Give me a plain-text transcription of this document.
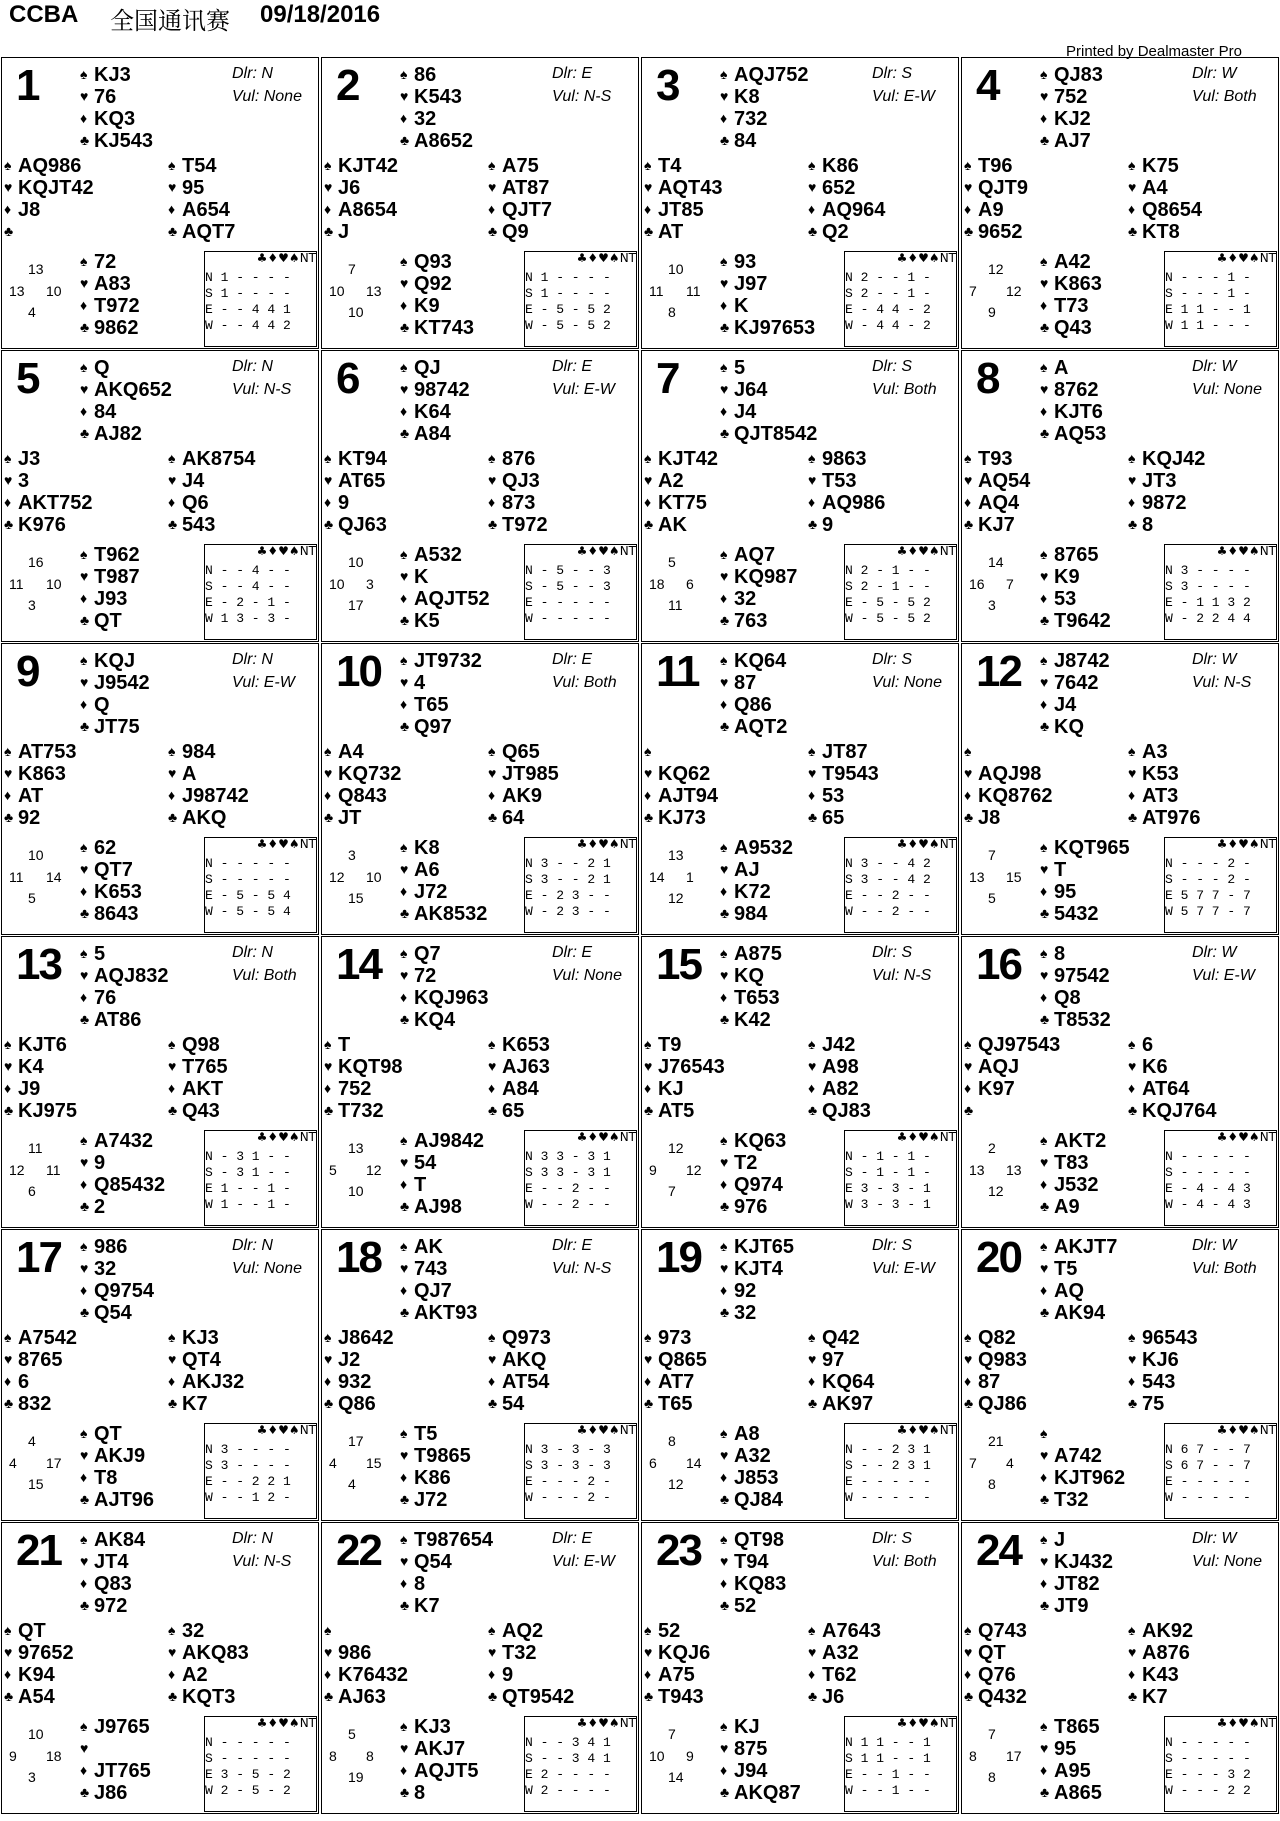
CCBA 全国通讯赛 09/18/2016
Printed by Dealmaster Pro
1	Dlr: N
Vul: None
♠ KJ3
♥ 76
♦ KQ3
♣ KJ543
♠ AQ986
♥ KQJT42
♦ J8
♣
♠ T54
♥ 95
♦ A654
♣ AQT7
♠ 72
♥ A83
♦ T972
♣ 9862
13
13 10
4
♣♦♥♠NT
N 1 - - - -
S 1 - - - -
E - - 4 4 1
W - - 4 4 2
2	Dlr: E
Vul: N-S
♠ 86
♥ K543
♦ 32
♣ A8652
♠ KJT42
♥ J6
♦ A8654
♣ J
♠ A75
♥ AT87
♦ QJT7
♣ Q9
♠ Q93
♥ Q92
♦ K9
♣ KT743
7
10 13
10
♣♦♥♠NT
N 1 - - - -
S 1 - - - -
E - 5 - 5 2
W - 5 - 5 2
3	Dlr: S
Vul: E-W
♠ AQJ752
♥ K8
♦ 732
♣ 84
♠ T4
♥ AQT43
♦ JT85
♣ AT
♠ K86
♥ 652
♦ AQ964
♣ Q2
♠ 93
♥ J97
♦ K
♣ KJ97653
10
11 11
8
♣♦♥♠NT
N 2 - - 1 -
S 2 - - 1 -
E - 4 4 - 2
W - 4 4 - 2
4	Dlr: W
Vul: Both
♠ QJ83
♥ 752
♦ KJ2
♣ AJ7
♠ T96
♥ QJT9
♦ A9
♣ 9652
♠ K75
♥ A4
♦ Q8654
♣ KT8
♠ A42
♥ K863
♦ T73
♣ Q43
12
7 12
9
♣♦♥♠NT
N - - - 1 -
S - - - 1 -
E 1 1 - - 1
W 1 1 - - -
5	Dlr: N
Vul: N-S
♠ Q
♥ AKQ652
♦ 84
♣ AJ82
♠ J3
♥ 3
♦ AKT752
♣ K976
♠ AK8754
♥ J4
♦ Q6
♣ 543
♠ T962
♥ T987
♦ J93
♣ QT
16
11 10
3
♣♦♥♠NT
N - - 4 - -
S - - 4 - -
E - 2 - 1 -
W 1 3 - 3 -
6	Dlr: E
Vul: E-W
♠ QJ
♥ 98742
♦ K64
♣ A84
♠ KT94
♥ AT65
♦ 9
♣ QJ63
♠ 876
♥ QJ3
♦ 873
♣ T972
♠ A532
♥ K
♦ AQJT52
♣ K5
10
10 3
17
♣♦♥♠NT
N - 5 - - 3
S - 5 - - 3
E - - - - -
W - - - - -
7	Dlr: S
Vul: Both
♠ 5
♥ J64
♦ J4
♣ QJT8542
♠ KJT42
♥ A2
♦ KT75
♣ AK
♠ 9863
♥ T53
♦ AQ986
♣ 9
♠ AQ7
♥ KQ987
♦ 32
♣ 763
5
18 6
11
♣♦♥♠NT
N 2 - 1 - -
S 2 - 1 - -
E - 5 - 5 2
W - 5 - 5 2
8	Dlr: W
Vul: None
♠ A
♥ 8762
♦ KJT6
♣ AQ53
♠ T93
♥ AQ54
♦ AQ4
♣ KJ7
♠ KQJ42
♥ JT3
♦ 9872
♣ 8
♠ 8765
♥ K9
♦ 53
♣ T9642
14
16 7
3
♣♦♥♠NT
N 3 - - - -
S 3 - - - -
E - 1 1 3 2
W - 2 2 4 4
9	Dlr: N
Vul: E-W
♠ KQJ
♥ J9542
♦ Q
♣ JT75
♠ AT753
♥ K863
♦ AT
♣ 92
♠ 984
♥ A
♦ J98742
♣ AKQ
♠ 62
♥ QT7
♦ K653
♣ 8643
10
11 14
5
♣♦♥♠NT
N - - - - -
S - - - - -
E - 5 - 5 4
W - 5 - 5 4
10	Dlr: E
Vul: Both
♠ JT9732
♥ 4
♦ T65
♣ Q97
♠ A4
♥ KQ732
♦ Q843
♣ JT
♠ Q65
♥ JT985
♦ AK9
♣ 64
♠ K8
♥ A6
♦ J72
♣ AK8532
3
12 10
15
♣♦♥♠NT
N 3 - - 2 1
S 3 - - 2 1
E - 2 3 - -
W - 2 3 - -
11	Dlr: S
Vul: None
♠ KQ64
♥ 87
♦ Q86
♣ AQT2
♠
♥ KQ62
♦ AJT94
♣ KJ73
♠ JT87
♥ T9543
♦ 53
♣ 65
♠ A9532
♥ AJ
♦ K72
♣ 984
13
14 1
12
♣♦♥♠NT
N 3 - - 4 2
S 3 - - 4 2
E - - 2 - -
W - - 2 - -
12	Dlr: W
Vul: N-S
♠ J8742
♥ 7642
♦ J4
♣ KQ
♠
♥ AQJ98
♦ KQ8762
♣ J8
♠ A3
♥ K53
♦ AT3
♣ AT976
♠ KQT965
♥ T
♦ 95
♣ 5432
7
13 15
5
♣♦♥♠NT
N - - - 2 -
S - - - 2 -
E 5 7 7 - 7
W 5 7 7 - 7
13	Dlr: N
Vul: Both
♠ 5
♥ AQJ832
♦ 76
♣ AT86
♠ KJT6
♥ K4
♦ J9
♣ KJ975
♠ Q98
♥ T765
♦ AKT
♣ Q43
♠ A7432
♥ 9
♦ Q85432
♣ 2
11
12 11
6
♣♦♥♠NT
N - 3 1 - -
S - 3 1 - -
E 1 - - 1 -
W 1 - - 1 -
14	Dlr: E
Vul: None
♠ Q7
♥ 72
♦ KQJ963
♣ KQ4
♠ T
♥ KQT98
♦ 752
♣ T732
♠ K653
♥ AJ63
♦ A84
♣ 65
♠ AJ9842
♥ 54
♦ T
♣ AJ98
13
5 12
10
♣♦♥♠NT
N 3 3 - 3 1
S 3 3 - 3 1
E - - 2 - -
W - - 2 - -
15	Dlr: S
Vul: N-S
♠ A875
♥ KQ
♦ T653
♣ K42
♠ T9
♥ J76543
♦ KJ
♣ AT5
♠ J42
♥ A98
♦ A82
♣ QJ83
♠ KQ63
♥ T2
♦ Q974
♣ 976
12
9 12
7
♣♦♥♠NT
N - 1 - 1 -
S - 1 - 1 -
E 3 - 3 - 1
W 3 - 3 - 1
16	Dlr: W
Vul: E-W
♠ 8
♥ 97542
♦ Q8
♣ T8532
♠ QJ97543
♥ AQJ
♦ K97
♣
♠ 6
♥ K6
♦ AT64
♣ KQJ764
♠ AKT2
♥ T83
♦ J532
♣ A9
2
13 13
12
♣♦♥♠NT
N - - - - -
S - - - - -
E - 4 - 4 3
W - 4 - 4 3
17	Dlr: N
Vul: None
♠ 986
♥ 32
♦ Q9754
♣ Q54
♠ A7542
♥ 8765
♦ 6
♣ 832
♠ KJ3
♥ QT4
♦ AKJ32
♣ K7
♠ QT
♥ AKJ9
♦ T8
♣ AJT96
4
4 17
15
♣♦♥♠NT
N 3 - - - -
S 3 - - - -
E - - 2 2 1
W - - 1 2 -
18	Dlr: E
Vul: N-S
♠ AK
♥ 743
♦ QJ7
♣ AKT93
♠ J8642
♥ J2
♦ 932
♣ Q86
♠ Q973
♥ AKQ
♦ AT54
♣ 54
♠ T5
♥ T9865
♦ K86
♣ J72
17
4 15
4
♣♦♥♠NT
N 3 - 3 - 3
S 3 - 3 - 3
E - - - 2 -
W - - - 2 -
19	Dlr: S
Vul: E-W
♠ KJT65
♥ KJT4
♦ 92
♣ 32
♠ 973
♥ Q865
♦ AT7
♣ T65
♠ Q42
♥ 97
♦ KQ64
♣ AK97
♠ A8
♥ A32
♦ J853
♣ QJ84
8
6 14
12
♣♦♥♠NT
N - - 2 3 1
S - - 2 3 1
E - - - - -
W - - - - -
20	Dlr: W
Vul: Both
♠ AKJT7
♥ T5
♦ AQ
♣ AK94
♠ Q82
♥ Q983
♦ 87
♣ QJ86
♠ 96543
♥ KJ6
♦ 543
♣ 75
♠
♥ A742
♦ KJT962
♣ T32
21
7 4
8
♣♦♥♠NT
N 6 7 - - 7
S 6 7 - - 7
E - - - - -
W - - - - -
21	Dlr: N
Vul: N-S
♠ AK84
♥ JT4
♦ Q83
♣ 972
♠ QT
♥ 97652
♦ K94
♣ A54
♠ 32
♥ AKQ83
♦ A2
♣ KQT3
♠ J9765
♥
♦ JT765
♣ J86
10
9 18
3
♣♦♥♠NT
N - - - - -
S - - - - -
E 3 - 5 - 2
W 2 - 5 - 2
22	Dlr: E
Vul: E-W
♠ T987654
♥ Q54
♦ 8
♣ K7
♠
♥ 986
♦ K76432
♣ AJ63
♠ AQ2
♥ T32
♦ 9
♣ QT9542
♠ KJ3
♥ AKJ7
♦ AQJT5
♣ 8
5
8 8
19
♣♦♥♠NT
N - - 3 4 1
S - - 3 4 1
E 2 - - - -
W 2 - - - -
23	Dlr: S
Vul: Both
♠ QT98
♥ T94
♦ KQ83
♣ 52
♠ 52
♥ KQJ6
♦ A75
♣ T943
♠ A7643
♥ A32
♦ T62
♣ J6
♠ KJ
♥ 875
♦ J94
♣ AKQ87
7
10 9
14
♣♦♥♠NT
N 1 1 - - 1
S 1 1 - - 1
E - - 1 - -
W - - 1 - -
24	Dlr: W
Vul: None
♠ J
♥ KJ432
♦ JT82
♣ JT9
♠ Q743
♥ QT
♦ Q76
♣ Q432
♠ AK92
♥ A876
♦ K43
♣ K7
♠ T865
♥ 95
♦ A95
♣ A865
7
8 17
8
♣♦♥♠NT
N - - - - -
S - - - - -
E - - - 3 2
W - - - 2 2
